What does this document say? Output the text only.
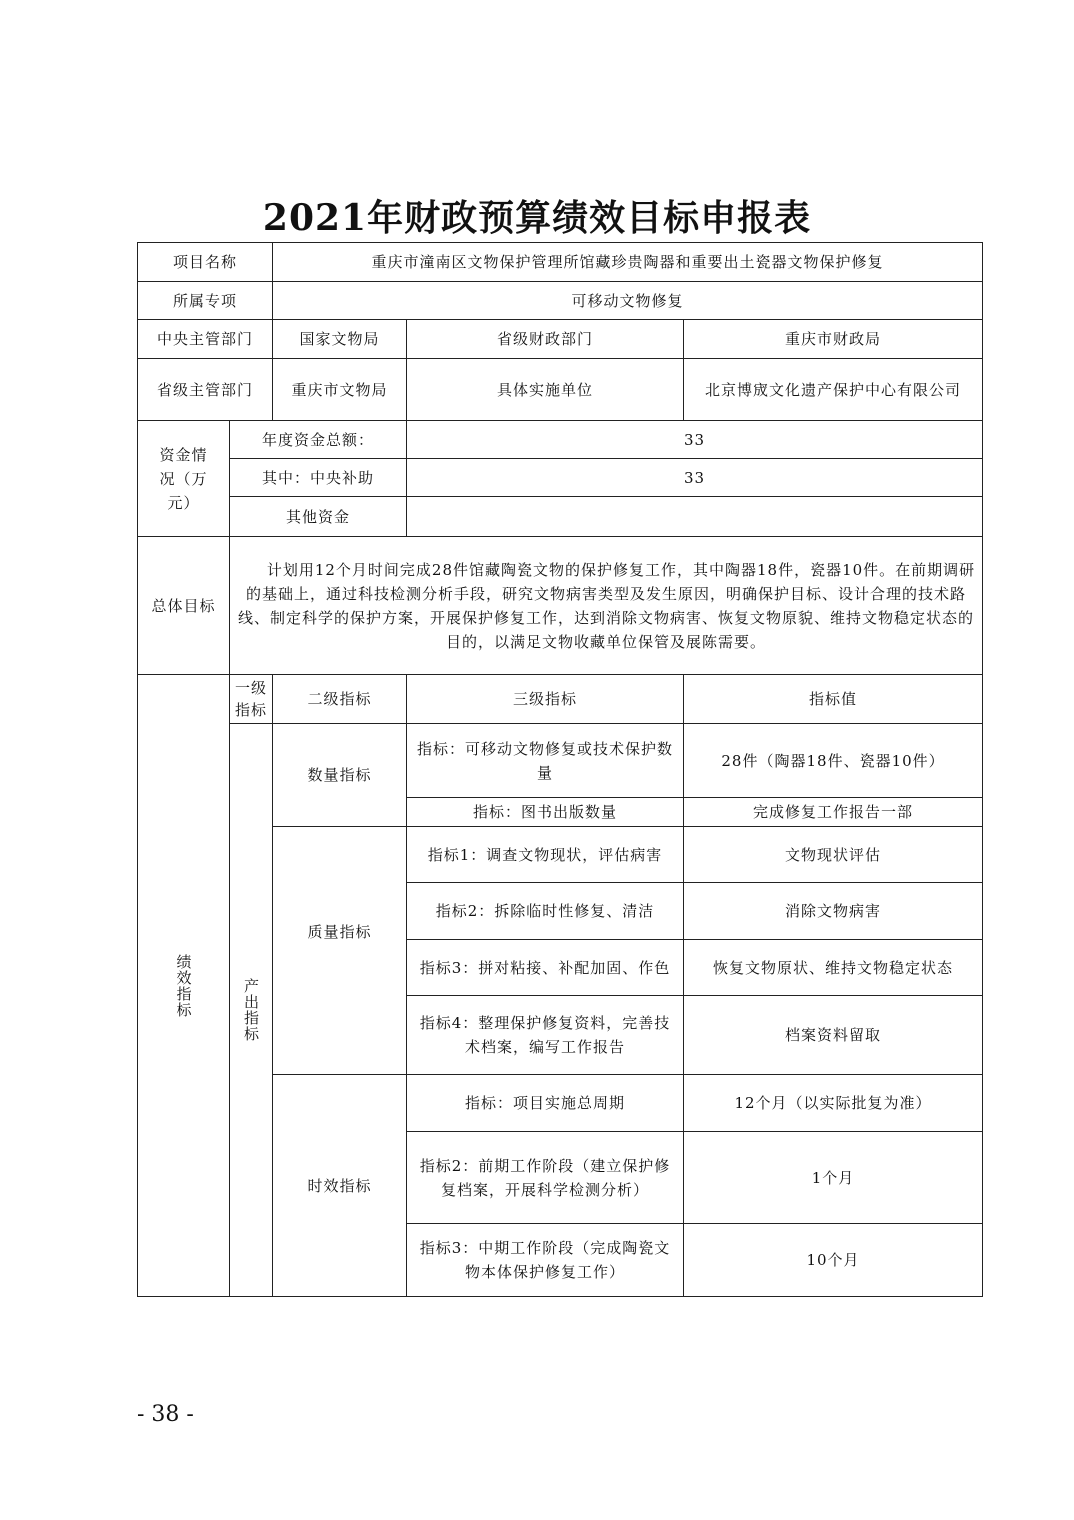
2021年财政预算绩效目标申报表
项目名称		重庆市潼南区文物保护管理所馆藏珍贵陶器和重要出土瓷器文物保护修复		
所属专项		可移动文物修复		
中央主管部门		国家文物局	省级财政部门	重庆市财政局
省级主管部门		重庆市文物局	具体实施单位	北京博宬文化遗产保护中心有限公司
资金情况（万元）	年度资金总额：		33	
	其中：中央补助		33	
	其他资金			
总体目标	计划用12个月时间完成28件馆藏陶瓷文物的保护修复工作，其中陶器18件，瓷器10件。在前期调研的基础上，通过科技检测分析手段，研究文物病害类型及发生原因，明确保护目标、设计合理的技术路线、制定科学的保护方案，开展保护修复工作，达到消除文物病害、恢复文物原貌、维持文物稳定状态的目的，以满足文物收藏单位保管及展陈需要。			

绩效指标	一级指标	二级指标	三级指标	指标值
	产出指标	数量指标	指标：可移动文物修复或技术保护数量	28件（陶器18件、瓷器10件）
			指标：图书出版数量	完成修复工作报告一部
		质量指标	指标1：调查文物现状，评估病害	文物现状评估
			指标2：拆除临时性修复、清洁	消除文物病害
			指标3：拼对粘接、补配加固、作色	恢复文物原状、维持文物稳定状态
			指标4：整理保护修复资料，完善技术档案，编写工作报告	档案资料留取
		时效指标	指标：项目实施总周期	12个月（以实际批复为准）
			指标2：前期工作阶段（建立保护修复档案，开展科学检测分析）	1个月
			指标3：中期工作阶段（完成陶瓷文物本体保护修复工作）	10个月
- 38 -
